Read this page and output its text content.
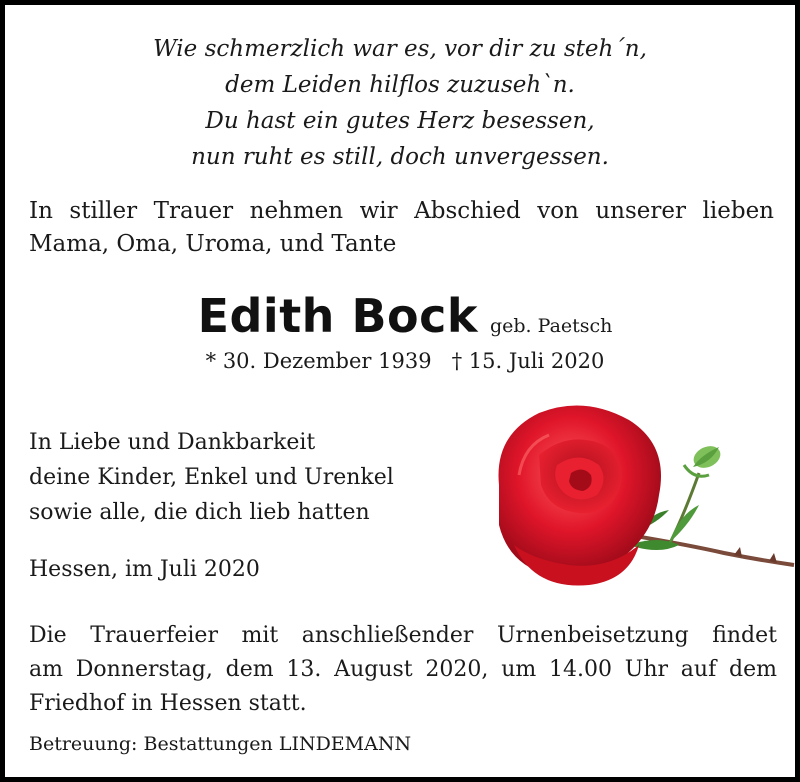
Wie schmerzlich war es, vor dir zu steh´n,
dem Leiden hilflos zuzuseh`n.
Du hast ein gutes Herz besessen,
nun ruht es still, doch unvergessen.
In stiller Trauer nehmen wir Abschied von unserer lieben
Mama, Oma, Uroma, und Tante
Edith Bock geb. Paetsch
* 30. Dezember 1939 † 15. Juli 2020
In Liebe und Dankbarkeit
deine Kinder, Enkel und Urenkel
sowie alle, die dich lieb hatten
Hessen, im Juli 2020
Die Trauerfeier mit anschließender Urnenbeisetzung findet
am Donnerstag, dem 13. August 2020, um 14.00 Uhr auf dem
Friedhof in Hessen statt.
Betreuung: Bestattungen LINDEMANN
